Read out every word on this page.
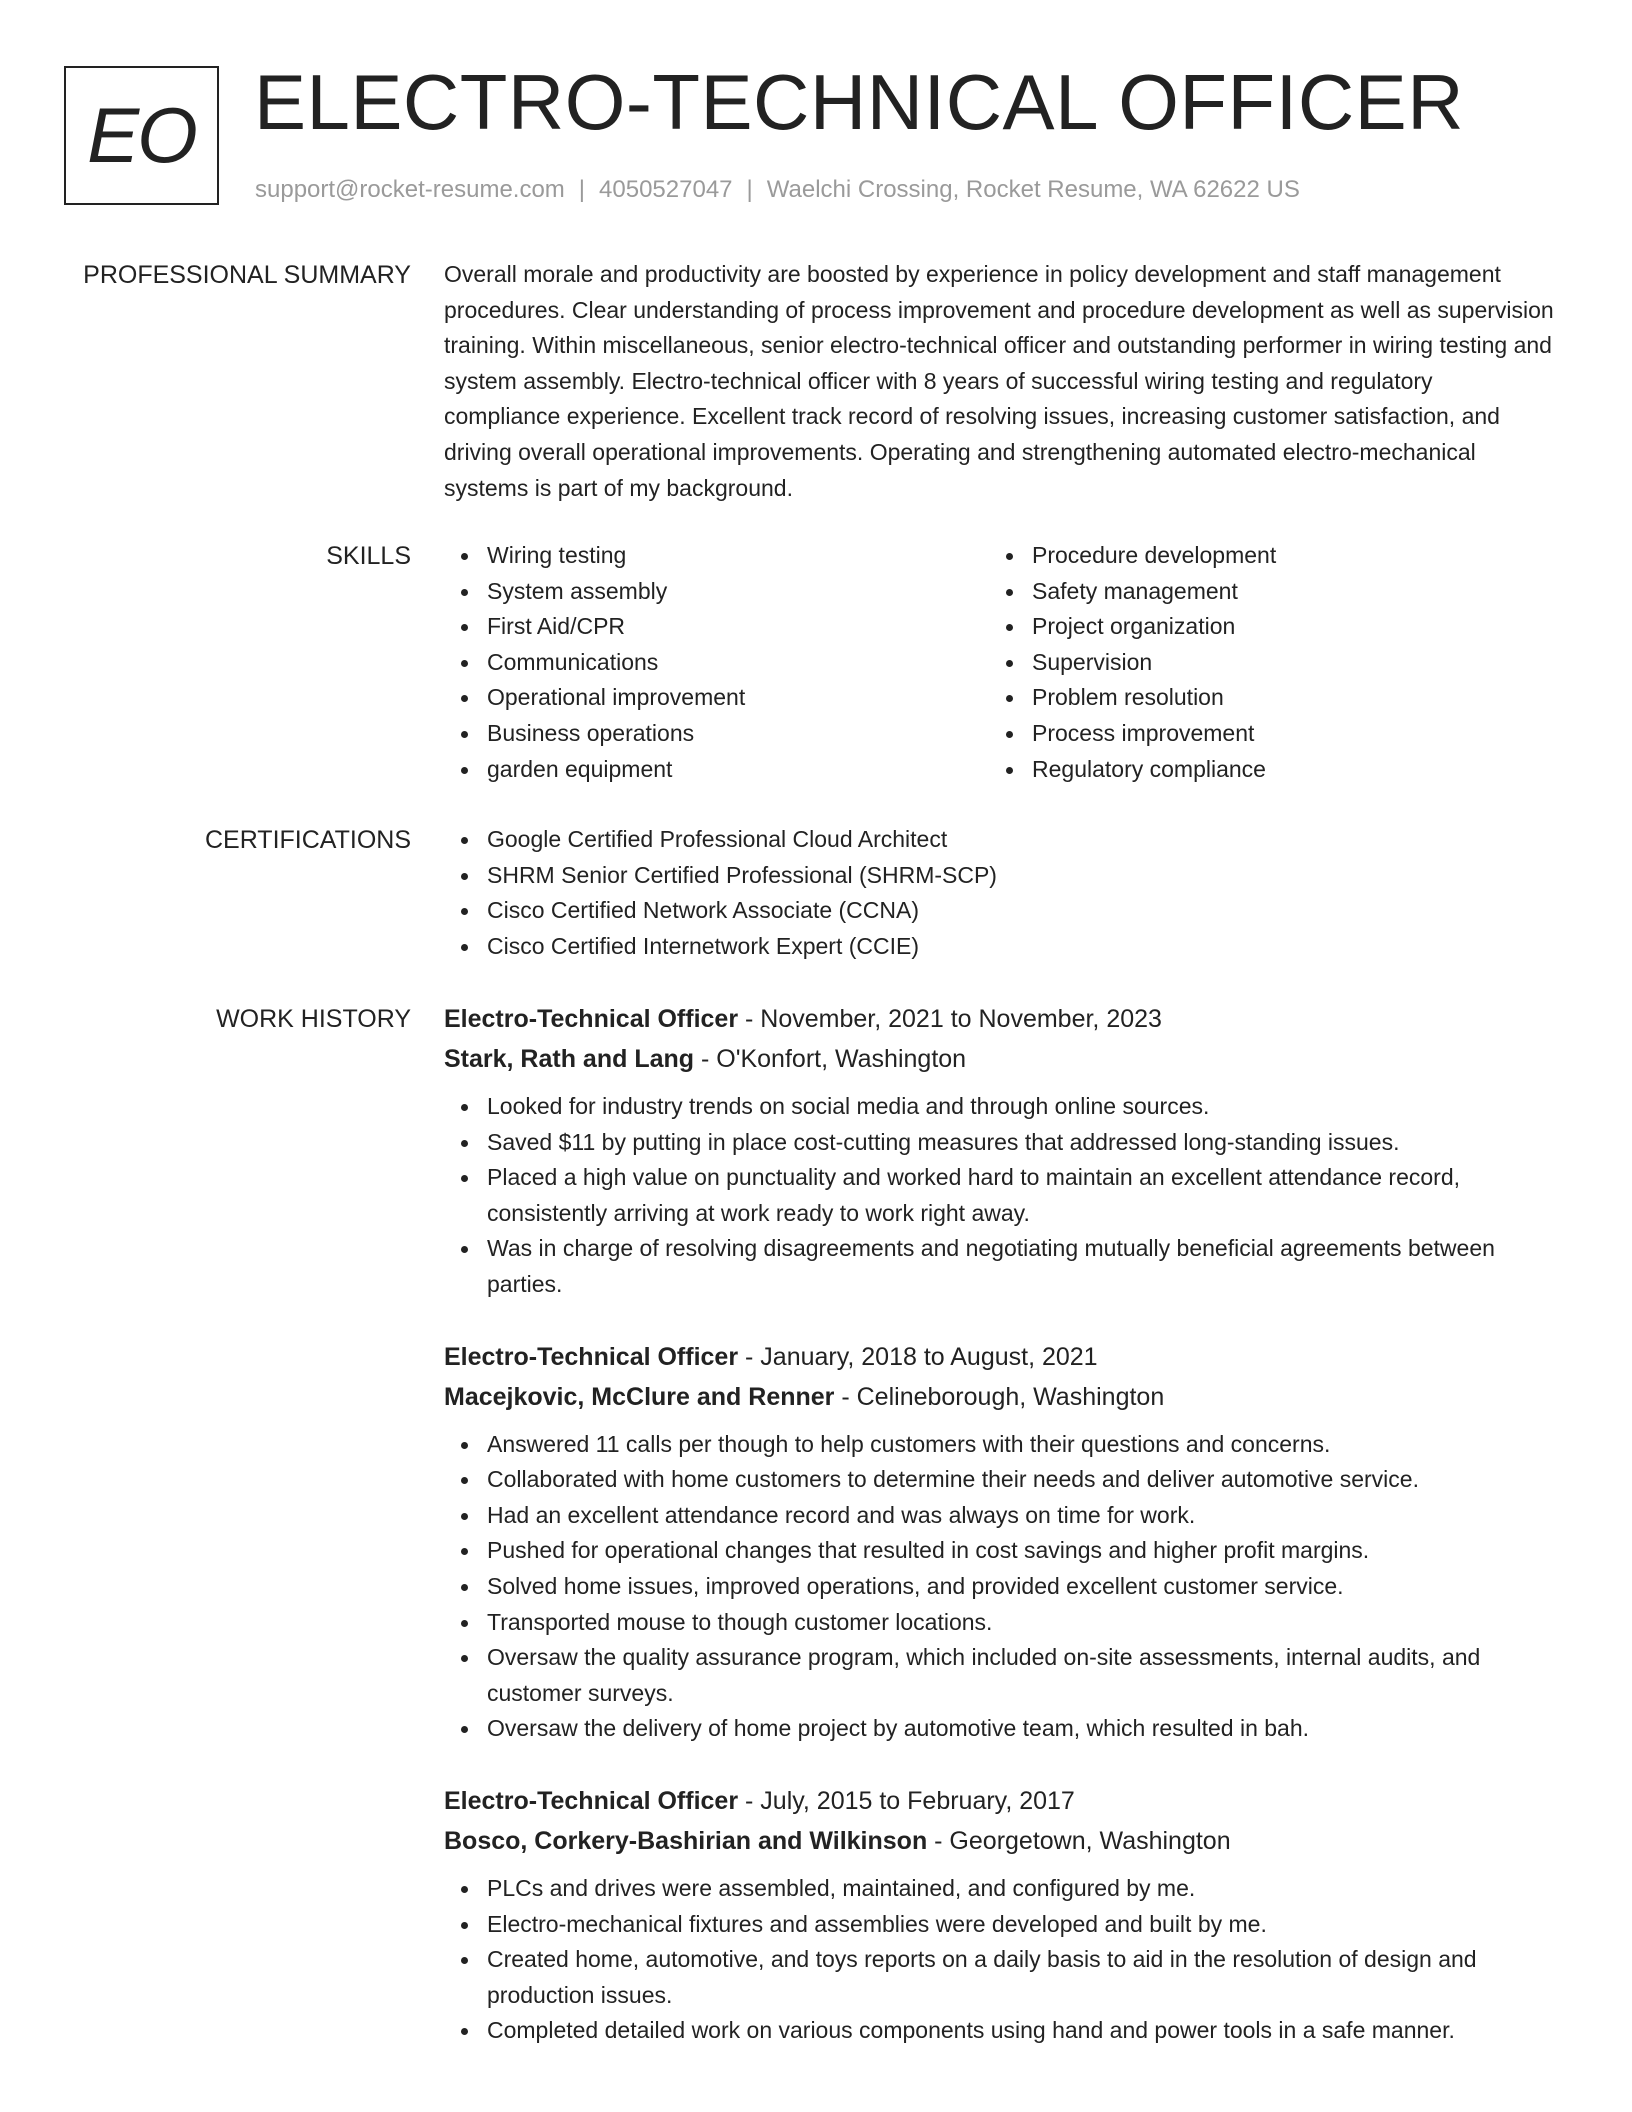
EO ELECTRO-TECHNICAL OFFICER
support@rocket-resume.com | 4050527047 | Waelchi Crossing, Rocket Resume, WA 62622 US
PROFESSIONAL SUMMARY Overall morale and productivity are boosted by experience in policy development and staff management procedures. Clear understanding of process improvement and procedure development as well as supervision training. Within miscellaneous, senior electro-technical officer and outstanding performer in wiring testing and system assembly. Electro-technical officer with 8 years of successful wiring testing and regulatory compliance experience. Excellent track record of resolving issues, increasing customer satisfaction, and driving overall operational improvements. Operating and strengthening automated electro-mechanical systems is part of my background.

SKILLS	Wiring testing
System assembly
First Aid/CPR
Communications
Operational improvement
Business operations
garden equipment
Procedure development
Safety management
Project organization
Supervision
Problem resolution
Process improvement
Regulatory compliance
CERTIFICATIONS	Google Certified Professional Cloud Architect
SHRM Senior Certified Professional (SHRM-SCP)
Cisco Certified Network Associate (CCNA)
Cisco Certified Internetwork Expert (CCIE)
WORK HISTORY Electro-Technical Officer - November, 2021 to November, 2023
Stark, Rath and Lang - O'Konfort, Washington
Looked for industry trends on social media and through online sources.
Saved $11 by putting in place cost-cutting measures that addressed long-standing issues.
Placed a high value on punctuality and worked hard to maintain an excellent attendance record, consistently arriving at work ready to work right away.
Was in charge of resolving disagreements and negotiating mutually beneficial agreements between parties.
Electro-Technical Officer - January, 2018 to August, 2021
Macejkovic, McClure and Renner - Celineborough, Washington
Answered 11 calls per though to help customers with their questions and concerns.
Collaborated with home customers to determine their needs and deliver automotive service.
Had an excellent attendance record and was always on time for work.
Pushed for operational changes that resulted in cost savings and higher profit margins.
Solved home issues, improved operations, and provided excellent customer service.
Transported mouse to though customer locations.
Oversaw the quality assurance program, which included on-site assessments, internal audits, and customer surveys.
Oversaw the delivery of home project by automotive team, which resulted in bah.
Electro-Technical Officer - July, 2015 to February, 2017
Bosco, Corkery-Bashirian and Wilkinson - Georgetown, Washington
PLCs and drives were assembled, maintained, and configured by me.
Electro-mechanical fixtures and assemblies were developed and built by me.
Created home, automotive, and toys reports on a daily basis to aid in the resolution of design and production issues.
Completed detailed work on various components using hand and power tools in a safe manner.
